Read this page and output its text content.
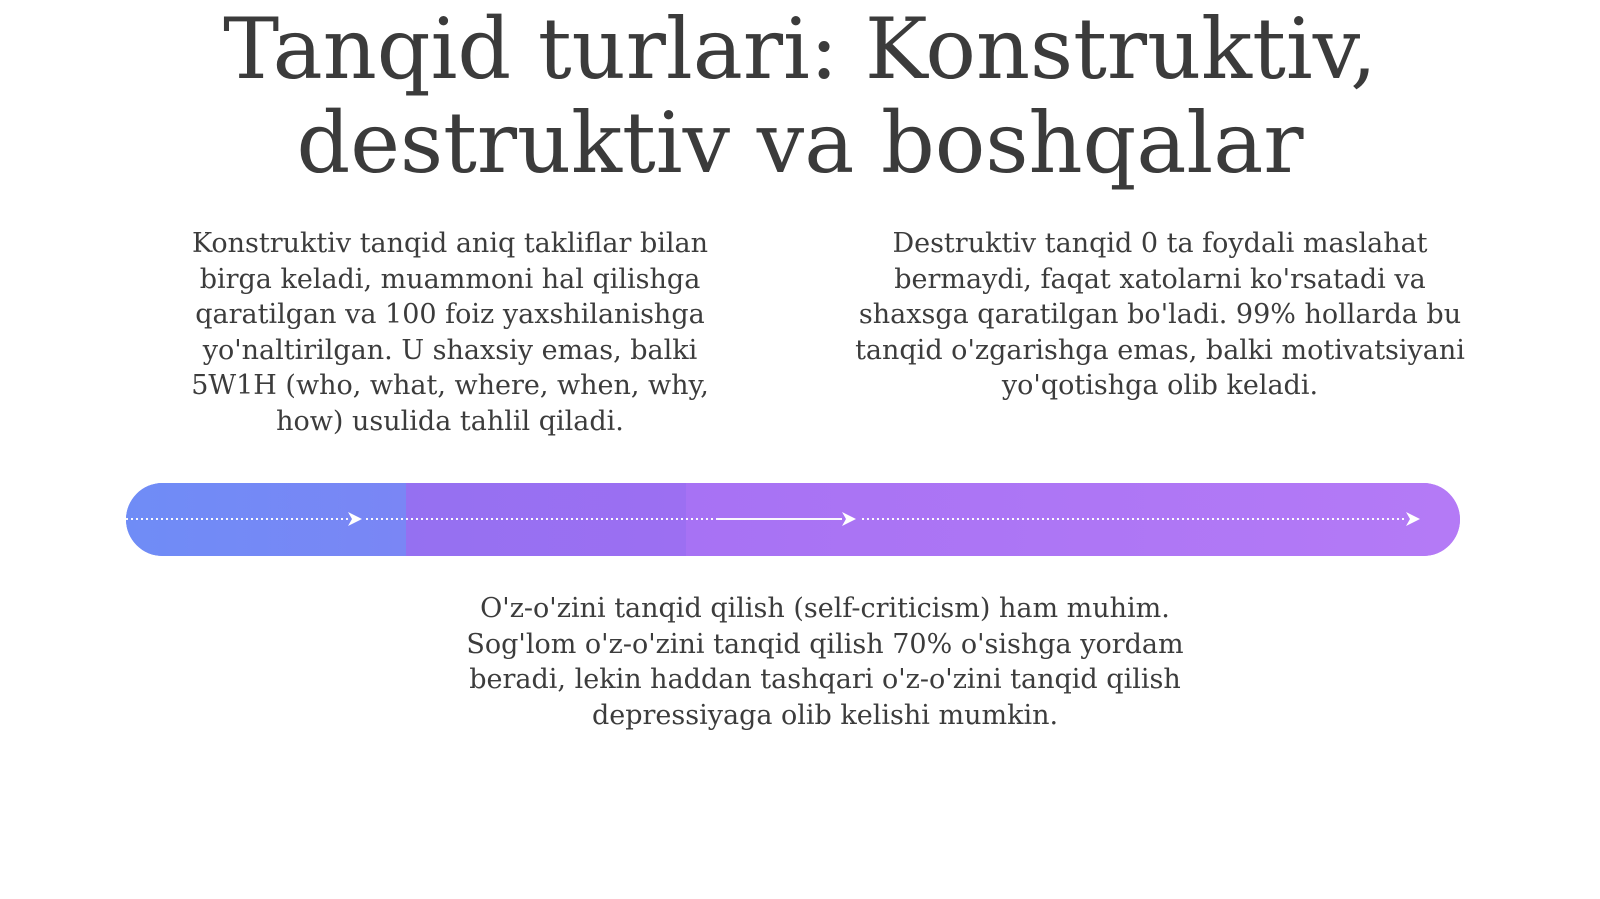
Tanqid turlari: Konstruktiv, destruktiv va boshqalar

Konstruktiv tanqid aniq takliflar bilan birga keladi, muammoni hal qilishga qaratilgan va 100 foiz yaxshilanishga yo'naltirilgan. U shaxsiy emas, balki 5W1H (who, what, where, when, why, how) usulida tahlil qiladi.

Destruktiv tanqid 0 ta foydali maslahat bermaydi, faqat xatolarni ko'rsatadi va shaxsga qaratilgan bo'ladi. 99% hollarda bu tanqid o'zgarishga emas, balki motivatsiyani yo'qotishga olib keladi.

O'z-o'zini tanqid qilish (self-criticism) ham muhim. Sog'lom o'z-o'zini tanqid qilish 70% o'sishga yordam beradi, lekin haddan tashqari o'z-o'zini tanqid qilish depressiyaga olib kelishi mumkin.
